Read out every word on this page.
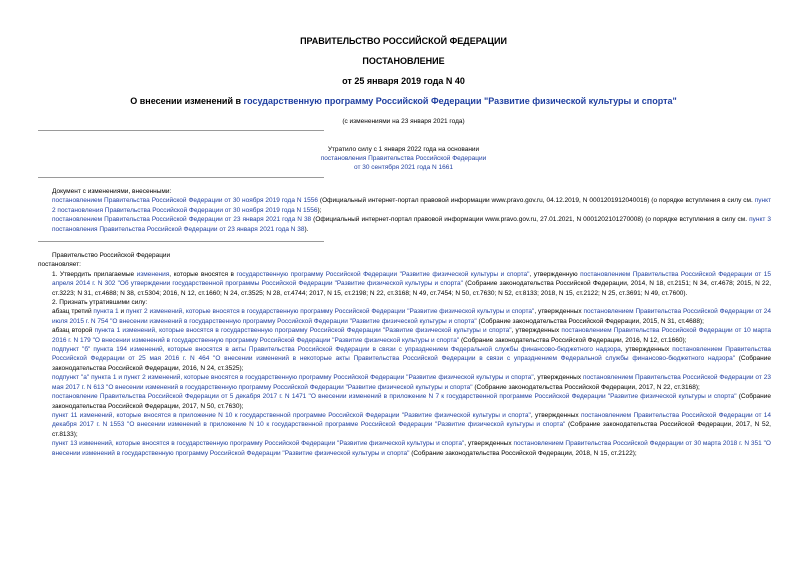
ПРАВИТЕЛЬСТВО РОССИЙСКОЙ ФЕДЕРАЦИИ
ПОСТАНОВЛЕНИЕ
от 25 января 2019 года N 40
О внесении изменений в государственную программу Российской Федерации "Развитие физической культуры и спорта"
(с изменениями на 23 января 2021 года)
Утратило силу с 1 января 2022 года на основании
постановления Правительства Российской Федерации
от 30 сентября 2021 года N 1661
Документ с изменениями, внесенными:
постановлением Правительства Российской Федерации от 30 ноября 2019 года N 1556 (Официальный интернет-портал правовой информации www.pravo.gov.ru, 04.12.2019, N 0001201912040016) (о порядке вступления в силу см. пункт 2 постановления Правительства Российской Федерации от 30 ноября 2019 года N 1556);
постановлением Правительства Российской Федерации от 23 января 2021 года N 38 (Официальный интернет-портал правовой информации www.pravo.gov.ru, 27.01.2021, N 0001202101270008) (о порядке вступления в силу см. пункт 3 постановления Правительства Российской Федерации от 23 января 2021 года N 38).
Правительство Российской Федерации
постановляет:
1. Утвердить прилагаемые изменения, которые вносятся в государственную программу Российской Федерации "Развитие физической культуры и спорта", утвержденную постановлением Правительства Российской Федерации от 15 апреля 2014 г. N 302 "Об утверждении государственной программы Российской Федерации "Развитие физической культуры и спорта" (Собрание законодательства Российской Федерации, 2014, N 18, ст.2151; N 34, ст.4678; 2015, N 22, ст.3223; N 31, ст.4688; N 38, ст.5304; 2016, N 12, ст.1660; N 24, ст.3525; N 28, ст.4744; 2017, N 15, ст.2198; N 22, ст.3168; N 49, ст.7454; N 50, ст.7630; N 52, ст.8133; 2018, N 15, ст.2122; N 25, ст.3691; N 49, ст.7600).
2. Признать утратившими силу:
абзац третий пункта 1 и пункт 2 изменений, которые вносятся в государственную программу Российской Федерации "Развитие физической культуры и спорта", утвержденных постановлением Правительства Российской Федерации от 24 июля 2015 г. N 754 "О внесении изменений в государственную программу Российской Федерации "Развитие физической культуры и спорта" (Собрание законодательства Российской Федерации, 2015, N 31, ст.4688);
абзац второй пункта 1 изменений, которые вносятся в государственную программу Российской Федерации "Развитие физической культуры и спорта", утвержденных постановлением Правительства Российской Федерации от 10 марта 2016 г. N 179 "О внесении изменений в государственную программу Российской Федерации "Развитие физической культуры и спорта" (Собрание законодательства Российской Федерации, 2016, N 12, ст.1660);
подпункт "б" пункта 194 изменений, которые вносятся в акты Правительства Российской Федерации в связи с упразднением Федеральной службы финансово-бюджетного надзора, утвержденных постановлением Правительства Российской Федерации от 25 мая 2016 г. N 464 "О внесении изменений в некоторые акты Правительства Российской Федерации в связи с упразднением Федеральной службы финансово-бюджетного надзора" (Собрание законодательства Российской Федерации, 2016, N 24, ст.3525);
подпункт "а" пункта 1 и пункт 2 изменений, которые вносятся в государственную программу Российской Федерации "Развитие физической культуры и спорта", утвержденных постановлением Правительства Российской Федерации от 23 мая 2017 г. N 613 "О внесении изменений в государственную программу Российской Федерации "Развитие физической культуры и спорта" (Собрание законодательства Российской Федерации, 2017, N 22, ст.3168);
постановление Правительства Российской Федерации от 5 декабря 2017 г. N 1471 "О внесении изменений в приложение N 7 к государственной программе Российской Федерации "Развитие физической культуры и спорта" (Собрание законодательства Российской Федерации, 2017, N 50, ст.7630);
пункт 11 изменений, которые вносятся в приложение N 10 к государственной программе Российской Федерации "Развитие физической культуры и спорта", утвержденных постановлением Правительства Российской Федерации от 14 декабря 2017 г. N 1553 "О внесении изменений в приложение N 10 к государственной программе Российской Федерации "Развитие физической культуры и спорта" (Собрание законодательства Российской Федерации, 2017, N 52, ст.8133);
пункт 13 изменений, которые вносятся в государственную программу Российской Федерации "Развитие физической культуры и спорта", утвержденных постановлением Правительства Российской Федерации от 30 марта 2018 г. N 351 "О внесении изменений в государственную программу Российской Федерации "Развитие физической культуры и спорта" (Собрание законодательства Российской Федерации, 2018, N 15, ст.2122);
